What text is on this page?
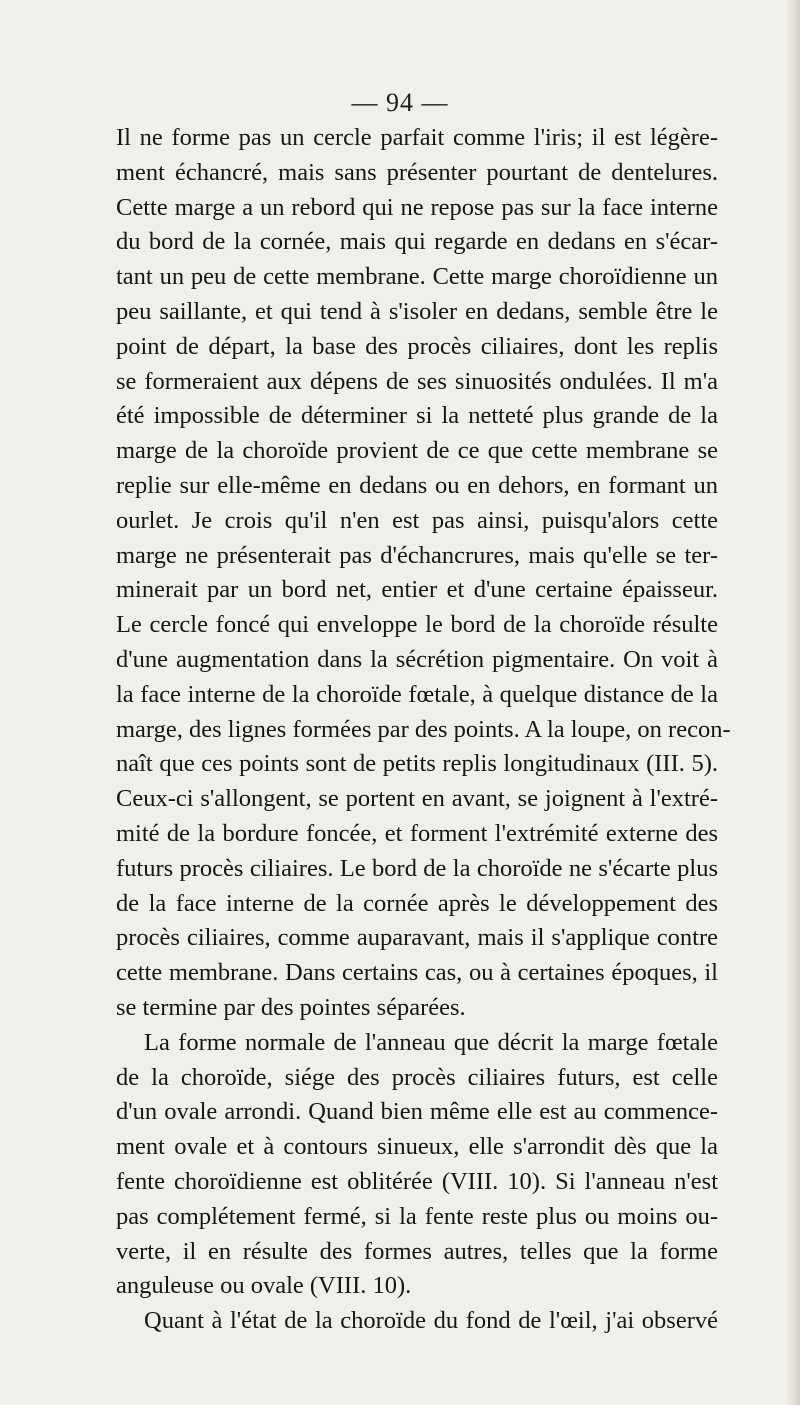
— 94 —

Il ne forme pas un cercle parfait comme l'iris; il est légère-
ment échancré, mais sans présenter pourtant de dentelures.
Cette marge a un rebord qui ne repose pas sur la face interne
du bord de la cornée, mais qui regarde en dedans en s'écar-
tant un peu de cette membrane. Cette marge choroïdienne un
peu saillante, et qui tend à s'isoler en dedans, semble être le
point de départ, la base des procès ciliaires, dont les replis
se formeraient aux dépens de ses sinuosités ondulées. Il m'a
été impossible de déterminer si la netteté plus grande de la
marge de la choroïde provient de ce que cette membrane se
replie sur elle-même en dedans ou en dehors, en formant un
ourlet. Je crois qu'il n'en est pas ainsi, puisqu'alors cette
marge ne présenterait pas d'échancrures, mais qu'elle se ter-
minerait par un bord net, entier et d'une certaine épaisseur.
Le cercle foncé qui enveloppe le bord de la choroïde résulte
d'une augmentation dans la sécrétion pigmentaire. On voit à
la face interne de la choroïde fœtale, à quelque distance de la
marge, des lignes formées par des points. A la loupe, on recon-
naît que ces points sont de petits replis longitudinaux (III. 5).
Ceux-ci s'allongent, se portent en avant, se joignent à l'extré-
mité de la bordure foncée, et forment l'extrémité externe des
futurs procès ciliaires. Le bord de la choroïde ne s'écarte plus
de la face interne de la cornée après le développement des
procès ciliaires, comme auparavant, mais il s'applique contre
cette membrane. Dans certains cas, ou à certaines époques, il
se termine par des pointes séparées.

La forme normale de l'anneau que décrit la marge fœtale
de la choroïde, siége des procès ciliaires futurs, est celle
d'un ovale arrondi. Quand bien même elle est au commence-
ment ovale et à contours sinueux, elle s'arrondit dès que la
fente choroïdienne est oblitérée (VIII. 10). Si l'anneau n'est
pas complétement fermé, si la fente reste plus ou moins ou-
verte, il en résulte des formes autres, telles que la forme
anguleuse ou ovale (VIII. 10).

Quant à l'état de la choroïde du fond de l'œil, j'ai observé
